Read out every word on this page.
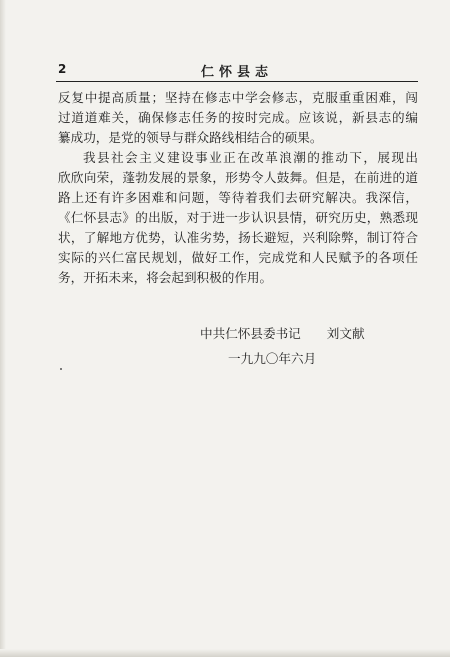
2	仁怀县志

反复中提高质量；坚持在修志中学会修志，克服重重困难，闯
过道道难关，确保修志任务的按时完成。应该说，新县志的编
纂成功，是党的领导与群众路线相结合的硕果。

我县社会主义建设事业正在改革浪潮的推动下，展现出
欣欣向荣，蓬勃发展的景象，形势令人鼓舞。但是，在前进的道
路上还有许多困难和问题，等待着我们去研究解决。我深信，
《仁怀县志》的出版，对于进一步认识县情，研究历史，熟悉现
状，了解地方优势，认准劣势，扬长避短，兴利除弊，制订符合
实际的兴仁富民规划，做好工作，完成党和人民赋予的各项任
务，开拓未来，将会起到积极的作用。

中共仁怀县委书记 刘文献
一九九〇年六月
